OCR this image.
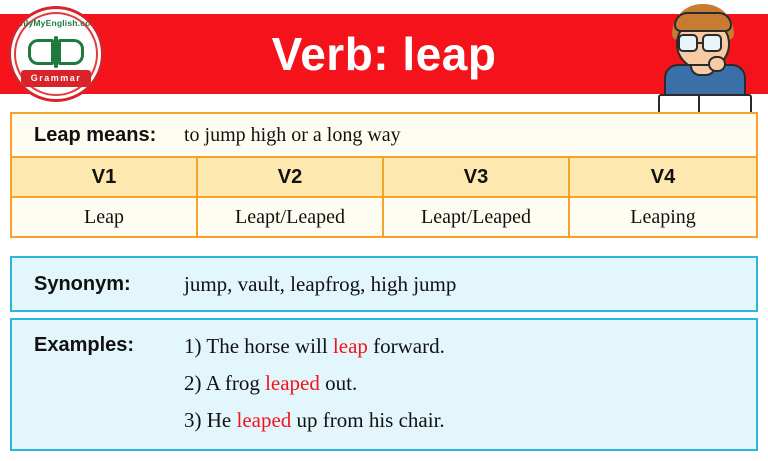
Verb: leap
OnlyMyEnglish.com
Grammar
Leap means:	to jump high or a long way
V1	V2	V3	V4
Leap	Leapt/Leaped	Leapt/Leaped	Leaping
Synonym:	jump, vault, leapfrog, high jump
Examples:	1) The horse will leap forward.
2) A frog leaped out.
3) He leaped up from his chair.
